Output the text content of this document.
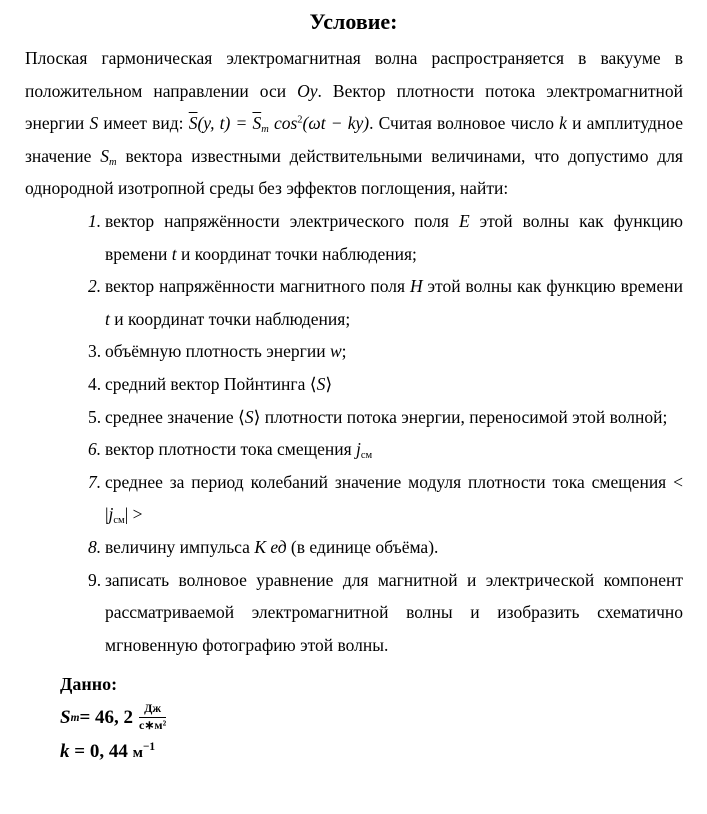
Условие:

Плоская гармоническая электромагнитная волна распространяется в вакууме в положительном направлении оси Oy. Вектор плотности потока электромагнитной энергии S имеет вид: $\overline{S}(y$, $t) = \overline{S}_m$ $\cos^2(\omega t - ky)$. Считая волновое число k и амплитудное значение $S_m$ вектора известными действительными величинами, что допустимо для однородной изотропной среды без эффектов поглощения, найти:

1. вектор напряжённости электрического поля E этой волны как функцию времени t и координат точки наблюдения;
2. вектор напряжённости магнитного поля H этой волны как функцию времени t и координат точки наблюдения;
3. объёмную плотность энергии w;
4. средний вектор Пойнтинга ⟨S⟩
5. среднее значение ⟨S⟩ плотности потока энергии, переносимой этой волной;
6. вектор плотности тока смещения $j_{см}$
7. среднее за период колебаний значение модуля плотности тока смещения < $|j_{см}|$ >
8. величину импульса K ед (в единице объёма).
9. записать волновое уравнение для магнитной и электрической компонент рассматриваемой электромагнитной волны и изобразить схематично мгновенную фотографию этой волны.
Данно:
S m = 46, $2 \frac{Дж}{\text{с∗м²}}$
k = 0, 44 $м^{-1}$
